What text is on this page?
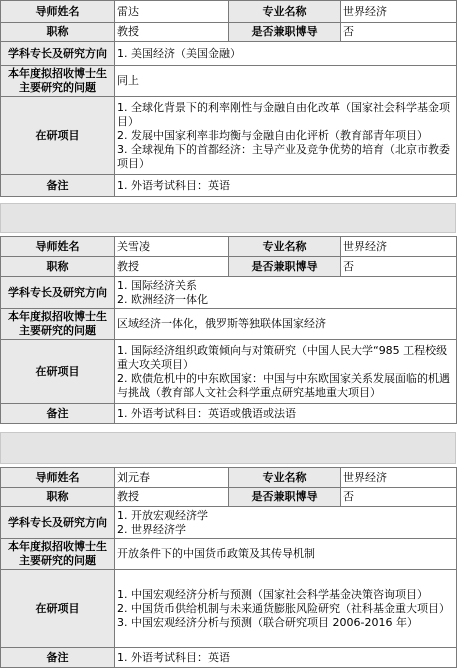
导师姓名	雷达	专业名称	世界经济
职称	教授	是否兼职博导	否
学科专长及研究方向	1. 美国经济（美国金融）		

本年度拟招收博士生主要研究的问题	同上		
在研项目	1. 全球化背景下的利率刚性与金融自由化改革（国家社会科学基金项目）
2. 发展中国家利率非均衡与金融自由化评析（教育部青年项目）
3. 全球视角下的首都经济：主导产业及竞争优势的培育（北京市教委项目）		

备注	1. 外语考试科目：英语		
导师姓名	关雪凌	专业名称	世界经济
职称	教授	是否兼职博导	否
学科专长及研究方向	1. 国际经济关系
2. 欧洲经济一体化		

本年度拟招收博士生主要研究的问题	区域经济一体化，俄罗斯等独联体国家经济		
在研项目	1. 国际经济组织政策倾向与对策研究（中国人民大学“985 工程校级重大攻关项目）
2. 欧债危机中的中东欧国家：中国与中东欧国家关系发展面临的机遇与挑战（教育部人文社会科学重点研究基地重大项目）		

备注	1. 外语考试科目：英语或俄语或法语		
导师姓名	刘元春	专业名称	世界经济
职称	教授	是否兼职博导	否
学科专长及研究方向	1. 开放宏观经济学
2. 世界经济学		

本年度拟招收博士生主要研究的问题	开放条件下的中国货币政策及其传导机制		
在研项目	1. 中国宏观经济分析与预测（国家社会科学基金决策咨询项目）
2. 中国货币供给机制与未来通货膨胀风险研究（社科基金重大项目）
3. 中国宏观经济分析与预测（联合研究项目 2006-2016 年）		

备注	1. 外语考试科目：英语		
